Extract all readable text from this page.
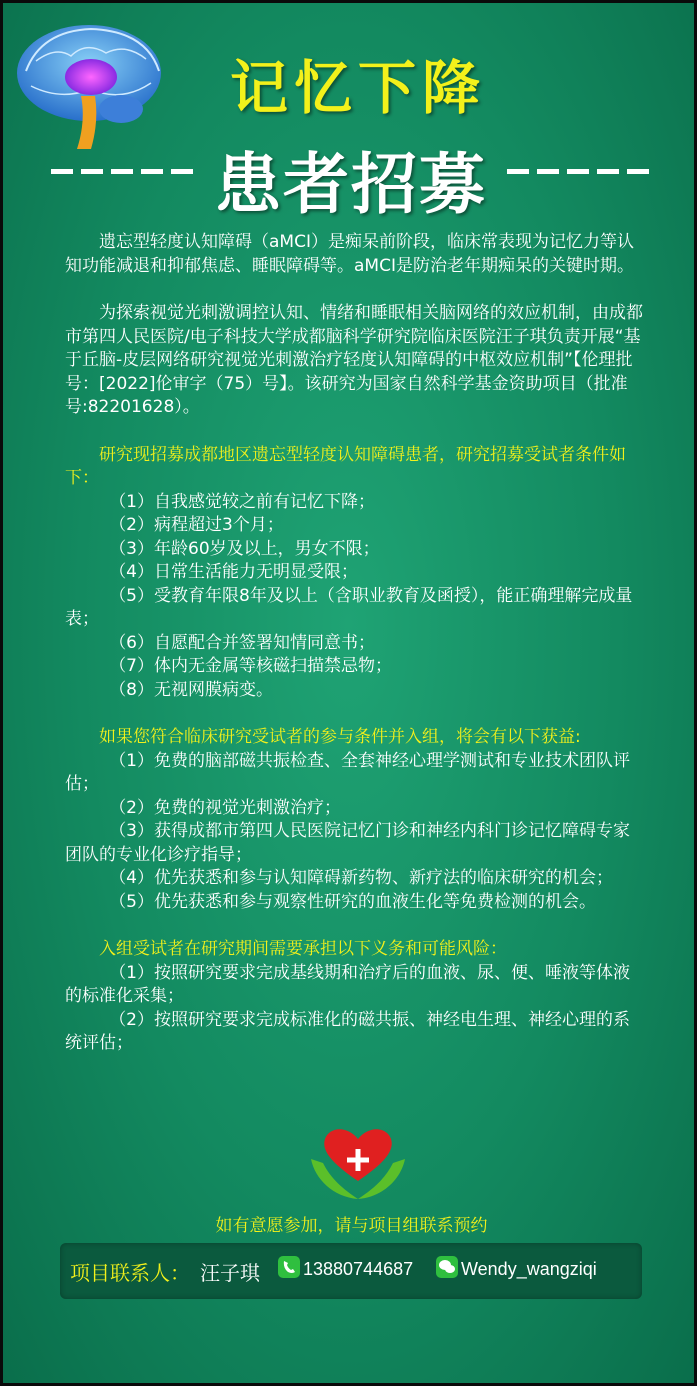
记忆下降
患者招募

遗忘型轻度认知障碍（aMCI）是痴呆前阶段，临床常表现为记忆力等认知功能减退和抑郁焦虑、睡眠障碍等。aMCI是防治老年期痴呆的关键时期。

为探索视觉光刺激调控认知、情绪和睡眠相关脑网络的效应机制，由成都市第四人民医院/电子科技大学成都脑科学研究院临床医院汪子琪负责开展“基于丘脑-皮层网络研究视觉光刺激治疗轻度认知障碍的中枢效应机制”【伦理批号：[2022]伦审字（75）号】。该研究为国家自然科学基金资助项目（批准号:82201628）。

研究现招募成都地区遗忘型轻度认知障碍患者，研究招募受试者条件如下：

（1）自我感觉较之前有记忆下降；

（2）病程超过3个月；

（3）年龄60岁及以上，男女不限；

（4）日常生活能力无明显受限；

（5）受教育年限8年及以上（含职业教育及函授），能正确理解完成量表；

（6）自愿配合并签署知情同意书；

（7）体内无金属等核磁扫描禁忌物；

（8）无视网膜病变。

如果您符合临床研究受试者的参与条件并入组，将会有以下获益:

（1）免费的脑部磁共振检查、全套神经心理学测试和专业技术团队评估；

（2）免费的视觉光刺激治疗；

（3）获得成都市第四人民医院记忆门诊和神经内科门诊记忆障碍专家团队的专业化诊疗指导；

（4）优先获悉和参与认知障碍新药物、新疗法的临床研究的机会；

（5）优先获悉和参与观察性研究的血液生化等免费检测的机会。

入组受试者在研究期间需要承担以下义务和可能风险：

（1）按照研究要求完成基线期和治疗后的血液、尿、便、唾液等体液的标准化采集；

（2）按照研究要求完成标准化的磁共振、神经电生理、神经心理的系统评估；

如有意愿参加，请与项目组联系预约
项目联系人： 汪子琪 13880744687	Wendy_wangziqi
